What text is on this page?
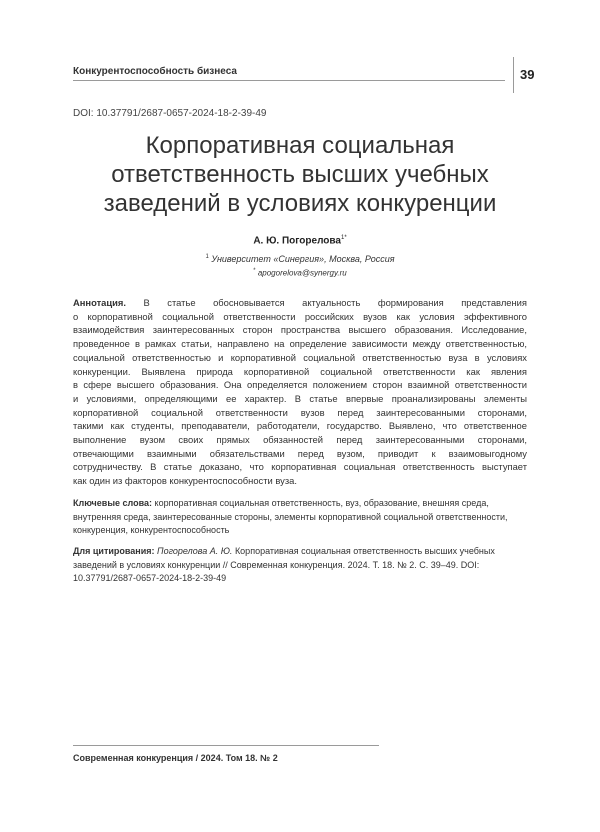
Конкурентоспособность бизнеса	39
DOI: 10.37791/2687-0657-2024-18-2-39-49
Корпоративная социальная
ответственность высших учебных
заведений в условиях конкуренции
А. Ю. Погорелова$^{1*}$
$^1$ Университет «Синергия», Москва, Россия
* apogorelova@synergy.ru
Аннотация. В статье обосновывается актуальность формирования представления
о корпоративной социальной ответственности российских вузов как условия эффективного
взаимодействия заинтересованных сторон пространства высшего образования. Исследование,
проведенное в рамках статьи, направлено на определение зависимости между ответственностью,
социальной ответственностью и корпоративной социальной ответственностью вуза в условиях
конкуренции. Выявлена природа корпоративной социальной ответственности как явления
в сфере высшего образования. Она определяется положением сторон взаимной ответственности
и условиями, определяющими ее характер. В статье впервые проанализированы элементы
корпоративной социальной ответственности вузов перед заинтересованными сторонами,
такими как студенты, преподаватели, работодатели, государство. Выявлено, что ответственное
выполнение вузом своих прямых обязанностей перед заинтересованными сторонами,
отвечающими взаимными обязательствами перед вузом, приводит к взаимовыгодному
сотрудничеству. В статье доказано, что корпоративная социальная ответственность выступает
как один из факторов конкурентоспособности вуза.
Ключевые слова: корпоративная социальная ответственность, вуз, образование, внешняя среда,
внутренняя среда, заинтересованные стороны, элементы корпоративной социальной ответственности,
конкуренция, конкурентоспособность
Для цитирования: Погорелова А. Ю. Корпоративная социальная ответственность высших учебных
заведений в условиях конкуренции // Современная конкуренция. 2024. Т. 18. № 2. С. 39–49. DOI:
10.37791/2687-0657-2024-18-2-39-49
Современная конкуренция / 2024. Том 18. № 2
